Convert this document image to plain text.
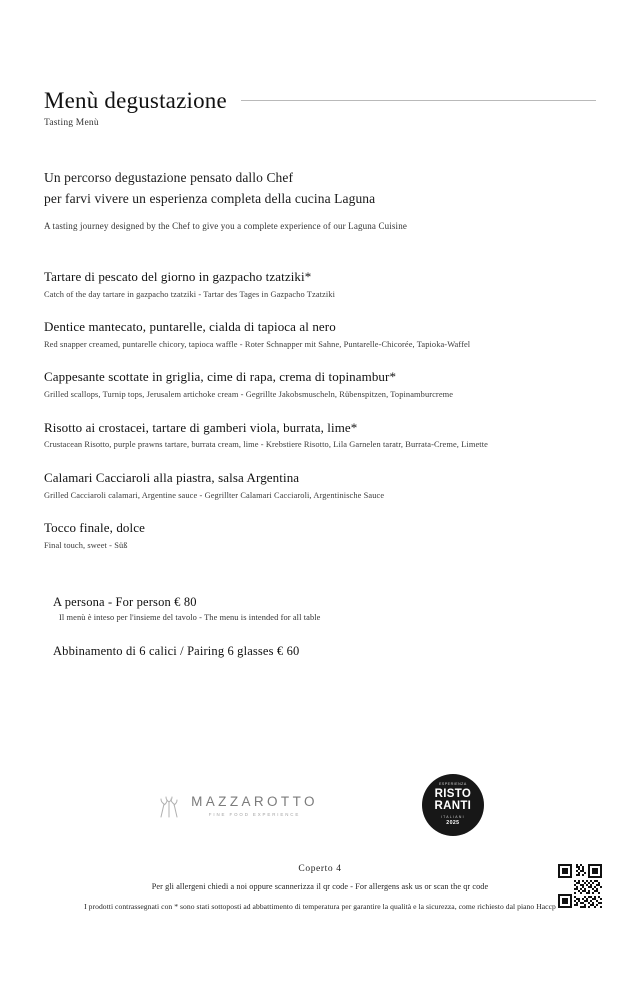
Menù degustazione
Tasting Menù
Un percorso degustazione pensato dallo Chef
per farvi vivere un esperienza completa della cucina Laguna
A tasting journey designed by the Chef to give you a complete experience of our Laguna Cuisine
Tartare di pescato del giorno in gazpacho tzatziki*
Catch of the day tartare in gazpacho tzatziki - Tartar des Tages in Gazpacho Tzatziki
Dentice mantecato, puntarelle, cialda di tapioca al nero
Red snapper creamed, puntarelle chicory, tapioca waffle - Roter Schnapper mit Sahne, Puntarelle-Chicorée, Tapioka-Waffel
Cappesante scottate in griglia, cime di rapa, crema di topinambur*
Grilled scallops, Turnip tops, Jerusalem artichoke cream - Gegrillte Jakobsmuscheln, Rübenspitzen, Topinamburcreme
Risotto ai crostacei, tartare di gamberi viola, burrata, lime*
Crustacean Risotto, purple prawns tartare, burrata cream, lime - Krebstiere Risotto, Lila Garnelen taratr, Burrata-Creme, Limette
Calamari Cacciaroli alla piastra, salsa Argentina
Grilled Cacciaroli calamari, Argentine sauce - Gegrillter Calamari Cacciaroli, Argentinische Sauce
Tocco finale, dolce
Final touch, sweet - Süß
A persona - For person € 80
Il menù è inteso per l'insieme del tavolo - The menu is intended for all table
Abbinamento di 6 calici / Pairing 6 glasses € 60
MAZZAROTTO
FINE FOOD EXPERIENCE
ESPERIENZA
RISTO
RANTI
ITALIANI
2025
Coperto 4
Per gli allergeni chiedi a noi oppure scannerizza il qr code - For allergens ask us or scan the qr code
I prodotti contrassegnati con * sono stati sottoposti ad abbattimento di temperatura per garantire la qualità e la sicurezza, come richiesto dal piano Haccp
